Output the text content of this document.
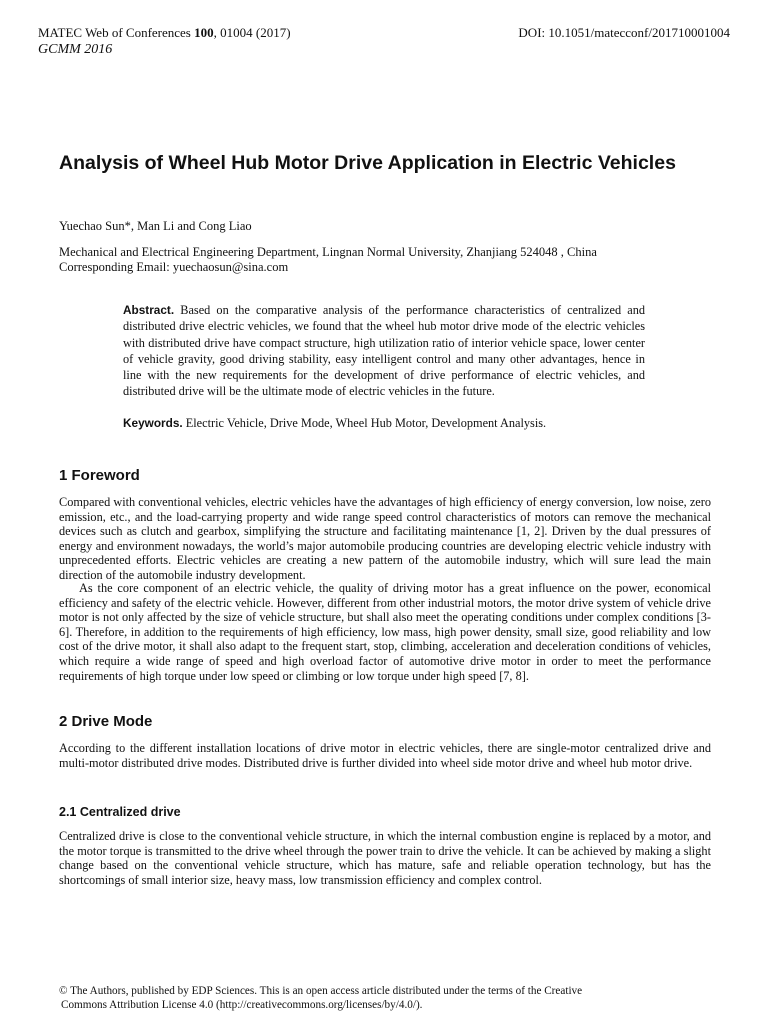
MATEC Web of Conferences 100, 01004 (2017)	DOI: 10.1051/matecconf/201710001004
GCMM 2016
Analysis of Wheel Hub Motor Drive Application in Electric Vehicles
Yuechao Sun*, Man Li and Cong Liao
Mechanical and Electrical Engineering Department, Lingnan Normal University, Zhanjiang 524048 , China
Corresponding Email: yuechaosun@sina.com
Abstract. Based on the comparative analysis of the performance characteristics of centralized and distributed drive electric vehicles, we found that the wheel hub motor drive mode of the electric vehicles with distributed drive have compact structure, high utilization ratio of interior vehicle space, lower center of vehicle gravity, good driving stability, easy intelligent control and many other advantages, hence in line with the new requirements for the development of drive performance of electric vehicles, and distributed drive will be the ultimate mode of electric vehicles in the future.
Keywords. Electric Vehicle, Drive Mode, Wheel Hub Motor, Development Analysis.
1 Foreword

Compared with conventional vehicles, electric vehicles have the advantages of high efficiency of energy conversion, low noise, zero emission, etc., and the load-carrying property and wide range speed control characteristics of motors can remove the mechanical devices such as clutch and gearbox, simplifying the structure and facilitating maintenance [1, 2]. Driven by the dual pressures of energy and environment nowadays, the world’s major automobile producing countries are developing electric vehicle industry with unprecedented efforts. Electric vehicles are creating a new pattern of the automobile industry, which will sure lead the main direction of the automobile industry development.

As the core component of an electric vehicle, the quality of driving motor has a great influence on the power, economical efficiency and safety of the electric vehicle. However, different from other industrial motors, the motor drive system of vehicle drive motor is not only affected by the size of vehicle structure, but shall also meet the operating conditions under complex conditions [3-6]. Therefore, in addition to the requirements of high efficiency, low mass, high power density, small size, good reliability and low cost of the drive motor, it shall also adapt to the frequent start, stop, climbing, acceleration and deceleration conditions of vehicles, which require a wide range of speed and high overload factor of automotive drive motor in order to meet the performance requirements of high torque under low speed or climbing or low torque under high speed [7, 8].

2 Drive Mode

According to the different installation locations of drive motor in electric vehicles, there are single-motor centralized drive and multi-motor distributed drive modes. Distributed drive is further divided into wheel side motor drive and wheel hub motor drive.

2.1 Centralized drive

Centralized drive is close to the conventional vehicle structure, in which the internal combustion engine is replaced by a motor, and the motor torque is transmitted to the drive wheel through the power train to drive the vehicle. It can be achieved by making a slight change based on the conventional vehicle structure, which has mature, safe and reliable operation technology, but has the shortcomings of small interior size, heavy mass, low transmission efficiency and complex control.

© The Authors, published by EDP Sciences. This is an open access article distributed under the terms of the Creative
Commons Attribution License 4.0 (http://creativecommons.org/licenses/by/4.0/).
